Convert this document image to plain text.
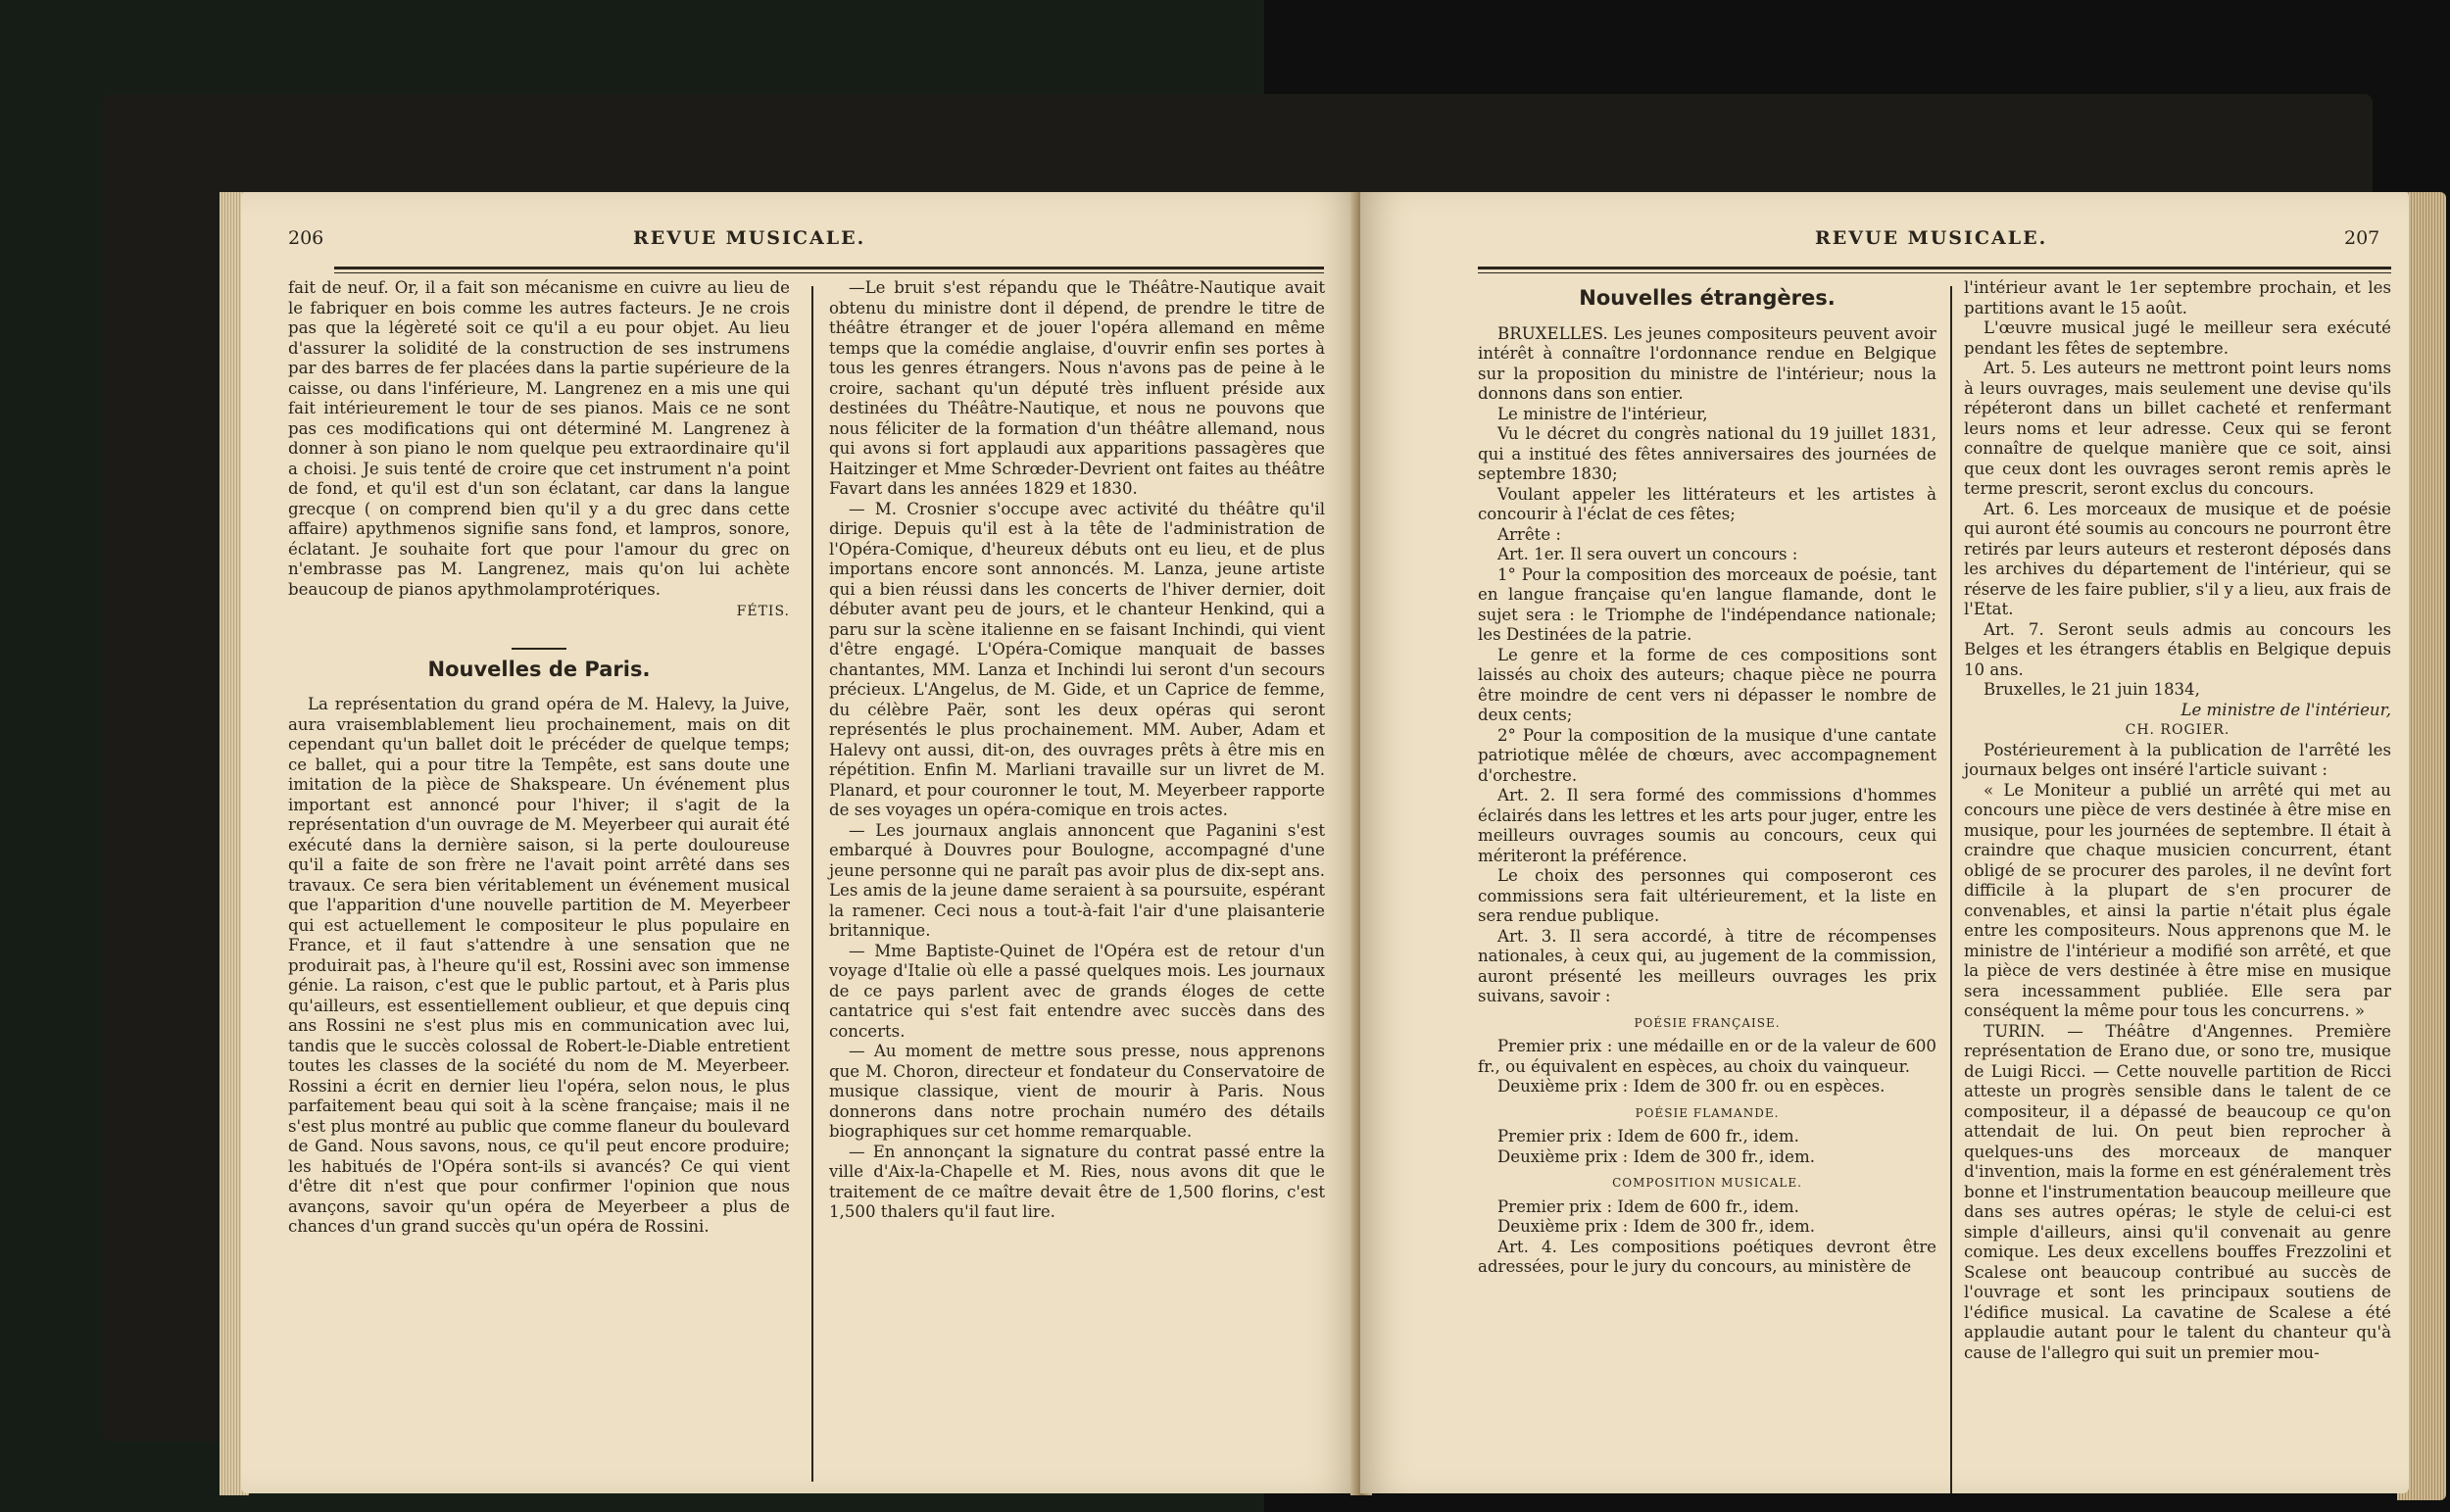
206	REVUE MUSICALE.

fait de neuf. Or, il a fait son mécanisme en cuivre au lieu de le fabriquer en bois comme les autres facteurs. Je ne crois pas que la légèreté soit ce qu'il a eu pour objet. Au lieu d'assurer la solidité de la construction de ses instrumens par des barres de fer placées dans la partie supérieure de la caisse, ou dans l'inférieure, M. Langrenez en a mis une qui fait intérieurement le tour de ses pianos. Mais ce ne sont pas ces modifications qui ont déterminé M. Langrenez à donner à son piano le nom quelque peu extraordinaire qu'il a choisi. Je suis tenté de croire que cet instrument n'a point de fond, et qu'il est d'un son éclatant, car dans la langue grecque ( on comprend bien qu'il y a du grec dans cette affaire) apythmenos signifie sans fond, et lampros, sonore, éclatant. Je souhaite fort que pour l'amour du grec on n'embrasse pas M. Langrenez, mais qu'on lui achète beaucoup de pianos apythmolamprotériques.

FÉTIS.
Nouvelles de Paris.

La représentation du grand opéra de M. Halevy, la Juive, aura vraisemblablement lieu prochainement, mais on dit cependant qu'un ballet doit le précéder de quelque temps; ce ballet, qui a pour titre la Tempête, est sans doute une imitation de la pièce de Shakspeare. Un événement plus important est annoncé pour l'hiver; il s'agit de la représentation d'un ouvrage de M. Meyerbeer qui aurait été exécuté dans la dernière saison, si la perte douloureuse qu'il a faite de son frère ne l'avait point arrêté dans ses travaux. Ce sera bien véritablement un événement musical que l'apparition d'une nouvelle partition de M. Meyerbeer qui est actuellement le compositeur le plus populaire en France, et il faut s'attendre à une sensation que ne produirait pas, à l'heure qu'il est, Rossini avec son immense génie. La raison, c'est que le public partout, et à Paris plus qu'ailleurs, est essentiellement oublieur, et que depuis cinq ans Rossini ne s'est plus mis en communication avec lui, tandis que le succès colossal de Robert-le-Diable entretient toutes les classes de la société du nom de M. Meyerbeer. Rossini a écrit en dernier lieu l'opéra, selon nous, le plus parfaitement beau qui soit à la scène française; mais il ne s'est plus montré au public que comme flaneur du boulevard de Gand. Nous savons, nous, ce qu'il peut encore produire; les habitués de l'Opéra sont-ils si avancés? Ce qui vient d'être dit n'est que pour confirmer l'opinion que nous avançons, savoir qu'un opéra de Meyerbeer a plus de chances d'un grand succès qu'un opéra de Rossini.

—Le bruit s'est répandu que le Théâtre-Nautique avait obtenu du ministre dont il dépend, de prendre le titre de théâtre étranger et de jouer l'opéra allemand en même temps que la comédie anglaise, d'ouvrir enfin ses portes à tous les genres étrangers. Nous n'avons pas de peine à le croire, sachant qu'un député très influent préside aux destinées du Théâtre-Nautique, et nous ne pouvons que nous féliciter de la formation d'un théâtre allemand, nous qui avons si fort applaudi aux apparitions passagères que Haitzinger et Mme Schrœder-Devrient ont faites au théâtre Favart dans les années 1829 et 1830.

— M. Crosnier s'occupe avec activité du théâtre qu'il dirige. Depuis qu'il est à la tête de l'administration de l'Opéra-Comique, d'heureux débuts ont eu lieu, et de plus importans encore sont annoncés. M. Lanza, jeune artiste qui a bien réussi dans les concerts de l'hiver dernier, doit débuter avant peu de jours, et le chanteur Henkind, qui a paru sur la scène italienne en se faisant Inchindi, qui vient d'être engagé. L'Opéra-Comique manquait de basses chantantes, MM. Lanza et Inchindi lui seront d'un secours précieux. L'Angelus, de M. Gide, et un Caprice de femme, du célèbre Paër, sont les deux opéras qui seront représentés le plus prochainement. MM. Auber, Adam et Halevy ont aussi, dit-on, des ouvrages prêts à être mis en répétition. Enfin M. Marliani travaille sur un livret de M. Planard, et pour couronner le tout, M. Meyerbeer rapporte de ses voyages un opéra-comique en trois actes.

— Les journaux anglais annoncent que Paganini s'est embarqué à Douvres pour Boulogne, accompagné d'une jeune personne qui ne paraît pas avoir plus de dix-sept ans. Les amis de la jeune dame seraient à sa poursuite, espérant la ramener. Ceci nous a tout-à-fait l'air d'une plaisanterie britannique.

— Mme Baptiste-Quinet de l'Opéra est de retour d'un voyage d'Italie où elle a passé quelques mois. Les journaux de ce pays parlent avec de grands éloges de cette cantatrice qui s'est fait entendre avec succès dans des concerts.

— Au moment de mettre sous presse, nous apprenons que M. Choron, directeur et fondateur du Conservatoire de musique classique, vient de mourir à Paris. Nous donnerons dans notre prochain numéro des détails biographiques sur cet homme remarquable.

— En annonçant la signature du contrat passé entre la ville d'Aix-la-Chapelle et M. Ries, nous avons dit que le traitement de ce maître devait être de 1,500 florins, c'est 1,500 thalers qu'il faut lire.

REVUE MUSICALE.	207
Nouvelles étrangères.

BRUXELLES. Les jeunes compositeurs peuvent avoir intérêt à connaître l'ordonnance rendue en Belgique sur la proposition du ministre de l'intérieur; nous la donnons dans son entier.

Le ministre de l'intérieur,

Vu le décret du congrès national du 19 juillet 1831, qui a institué des fêtes anniversaires des journées de septembre 1830;

Voulant appeler les littérateurs et les artistes à concourir à l'éclat de ces fêtes;

Arrête :

Art. 1er. Il sera ouvert un concours :

1° Pour la composition des morceaux de poésie, tant en langue française qu'en langue flamande, dont le sujet sera : le Triomphe de l'indépendance nationale; les Destinées de la patrie.

Le genre et la forme de ces compositions sont laissés au choix des auteurs; chaque pièce ne pourra être moindre de cent vers ni dépasser le nombre de deux cents;

2° Pour la composition de la musique d'une cantate patriotique mêlée de chœurs, avec accompagnement d'orchestre.

Art. 2. Il sera formé des commissions d'hommes éclairés dans les lettres et les arts pour juger, entre les meilleurs ouvrages soumis au concours, ceux qui mériteront la préférence.

Le choix des personnes qui composeront ces commissions sera fait ultérieurement, et la liste en sera rendue publique.

Art. 3. Il sera accordé, à titre de récompenses nationales, à ceux qui, au jugement de la commission, auront présenté les meilleurs ouvrages les prix suivans, savoir :

POÉSIE FRANÇAISE.

Premier prix : une médaille en or de la valeur de 600 fr., ou équivalent en espèces, au choix du vainqueur.

Deuxième prix : Idem de 300 fr. ou en espèces.

POÉSIE FLAMANDE.

Premier prix : Idem de 600 fr., idem.

Deuxième prix : Idem de 300 fr., idem.

COMPOSITION MUSICALE.

Premier prix : Idem de 600 fr., idem.

Deuxième prix : Idem de 300 fr., idem.

Art. 4. Les compositions poétiques devront être adressées, pour le jury du concours, au ministère de

l'intérieur avant le 1er septembre prochain, et les partitions avant le 15 août.

L'œuvre musical jugé le meilleur sera exécuté pendant les fêtes de septembre.

Art. 5. Les auteurs ne mettront point leurs noms à leurs ouvrages, mais seulement une devise qu'ils répéteront dans un billet cacheté et renfermant leurs noms et leur adresse. Ceux qui se feront connaître de quelque manière que ce soit, ainsi que ceux dont les ouvrages seront remis après le terme prescrit, seront exclus du concours.

Art. 6. Les morceaux de musique et de poésie qui auront été soumis au concours ne pourront être retirés par leurs auteurs et resteront déposés dans les archives du département de l'intérieur, qui se réserve de les faire publier, s'il y a lieu, aux frais de l'Etat.

Art. 7. Seront seuls admis au concours les Belges et les étrangers établis en Belgique depuis 10 ans.

Bruxelles, le 21 juin 1834,

Le ministre de l'intérieur,

CH. ROGIER.

Postérieurement à la publication de l'arrêté les journaux belges ont inséré l'article suivant :

« Le Moniteur a publié un arrêté qui met au concours une pièce de vers destinée à être mise en musique, pour les journées de septembre. Il était à craindre que chaque musicien concurrent, étant obligé de se procurer des paroles, il ne devînt fort difficile à la plupart de s'en procurer de convenables, et ainsi la partie n'était plus égale entre les compositeurs. Nous apprenons que M. le ministre de l'intérieur a modifié son arrêté, et que la pièce de vers destinée à être mise en musique sera incessamment publiée. Elle sera par conséquent la même pour tous les concurrens. »

TURIN. — Théâtre d'Angennes. Première représentation de Erano due, or sono tre, musique de Luigi Ricci. — Cette nouvelle partition de Ricci atteste un progrès sensible dans le talent de ce compositeur, il a dépassé de beaucoup ce qu'on attendait de lui. On peut bien reprocher à quelques-uns des morceaux de manquer d'invention, mais la forme en est généralement très bonne et l'instrumentation beaucoup meilleure que dans ses autres opéras; le style de celui-ci est simple d'ailleurs, ainsi qu'il convenait au genre comique. Les deux excellens bouffes Frezzolini et Scalese ont beaucoup contribué au succès de l'ouvrage et sont les principaux soutiens de l'édifice musical. La cavatine de Scalese a été applaudie autant pour le talent du chanteur qu'à cause de l'allegro qui suit un premier mou-
